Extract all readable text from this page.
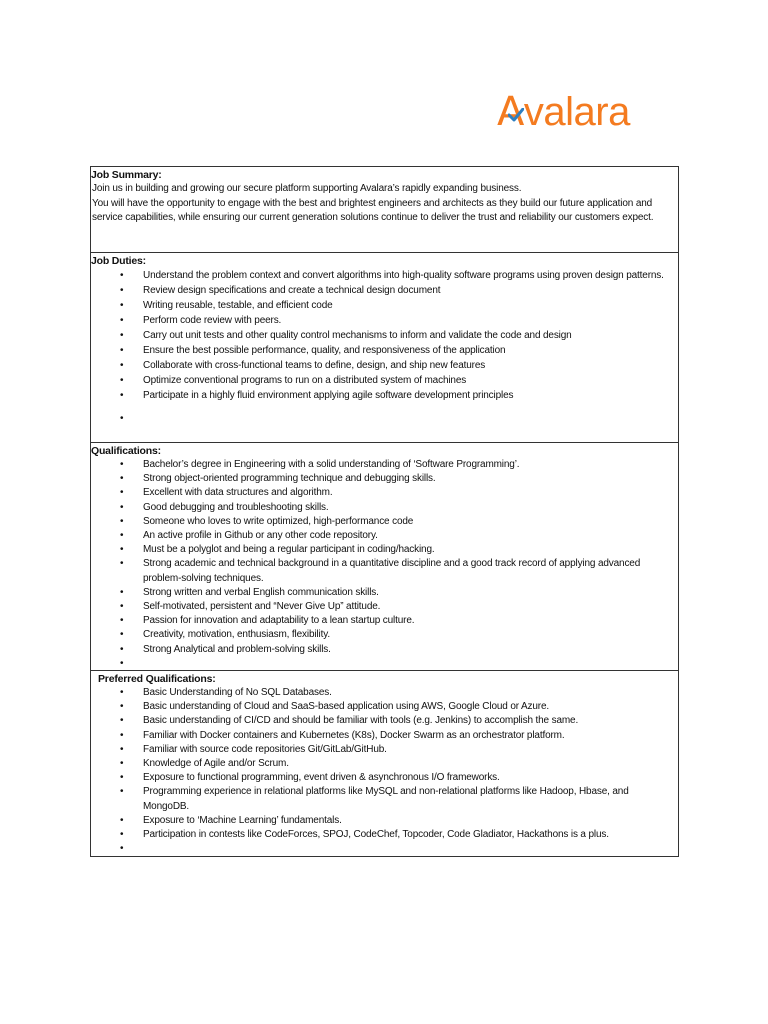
Avalara
Job Summary:
Join us in building and growing our secure platform supporting Avalara’s rapidly expanding business.
You will have the opportunity to engage with the best and brightest engineers and architects as they build our future application and service capabilities, while ensuring our current generation solutions continue to deliver the trust and reliability our customers expect.
Job Duties:
• Understand the problem context and convert algorithms into high-quality software programs using proven design patterns.
• Review design specifications and create a technical design document
• Writing reusable, testable, and efficient code
• Perform code review with peers.
• Carry out unit tests and other quality control mechanisms to inform and validate the code and design
• Ensure the best possible performance, quality, and responsiveness of the application
• Collaborate with cross-functional teams to define, design, and ship new features
• Optimize conventional programs to run on a distributed system of machines
• Participate in a highly fluid environment applying agile software development principles
•
Qualifications:
• Bachelor’s degree in Engineering with a solid understanding of ‘Software Programming’.
• Strong object-oriented programming technique and debugging skills.
• Excellent with data structures and algorithm.
• Good debugging and troubleshooting skills.
• Someone who loves to write optimized, high-performance code
• An active profile in Github or any other code repository.
• Must be a polyglot and being a regular participant in coding/hacking.
• Strong academic and technical background in a quantitative discipline and a good track record of applying advanced problem-solving techniques.
• Strong written and verbal English communication skills.
• Self-motivated, persistent and “Never Give Up” attitude.
• Passion for innovation and adaptability to a lean startup culture.
• Creativity, motivation, enthusiasm, flexibility.
• Strong Analytical and problem-solving skills.
•
Preferred Qualifications:
• Basic Understanding of No SQL Databases.
• Basic understanding of Cloud and SaaS-based application using AWS, Google Cloud or Azure.
• Basic understanding of CI/CD and should be familiar with tools (e.g. Jenkins) to accomplish the same.
• Familiar with Docker containers and Kubernetes (K8s), Docker Swarm as an orchestrator platform.
• Familiar with source code repositories Git/GitLab/GitHub.
• Knowledge of Agile and/or Scrum.
• Exposure to functional programming, event driven & asynchronous I/O frameworks.
• Programming experience in relational platforms like MySQL and non-relational platforms like Hadoop, Hbase, and MongoDB.
• Exposure to ‘Machine Learning’ fundamentals.
• Participation in contests like CodeForces, SPOJ, CodeChef, Topcoder, Code Gladiator, Hackathons is a plus.
•
